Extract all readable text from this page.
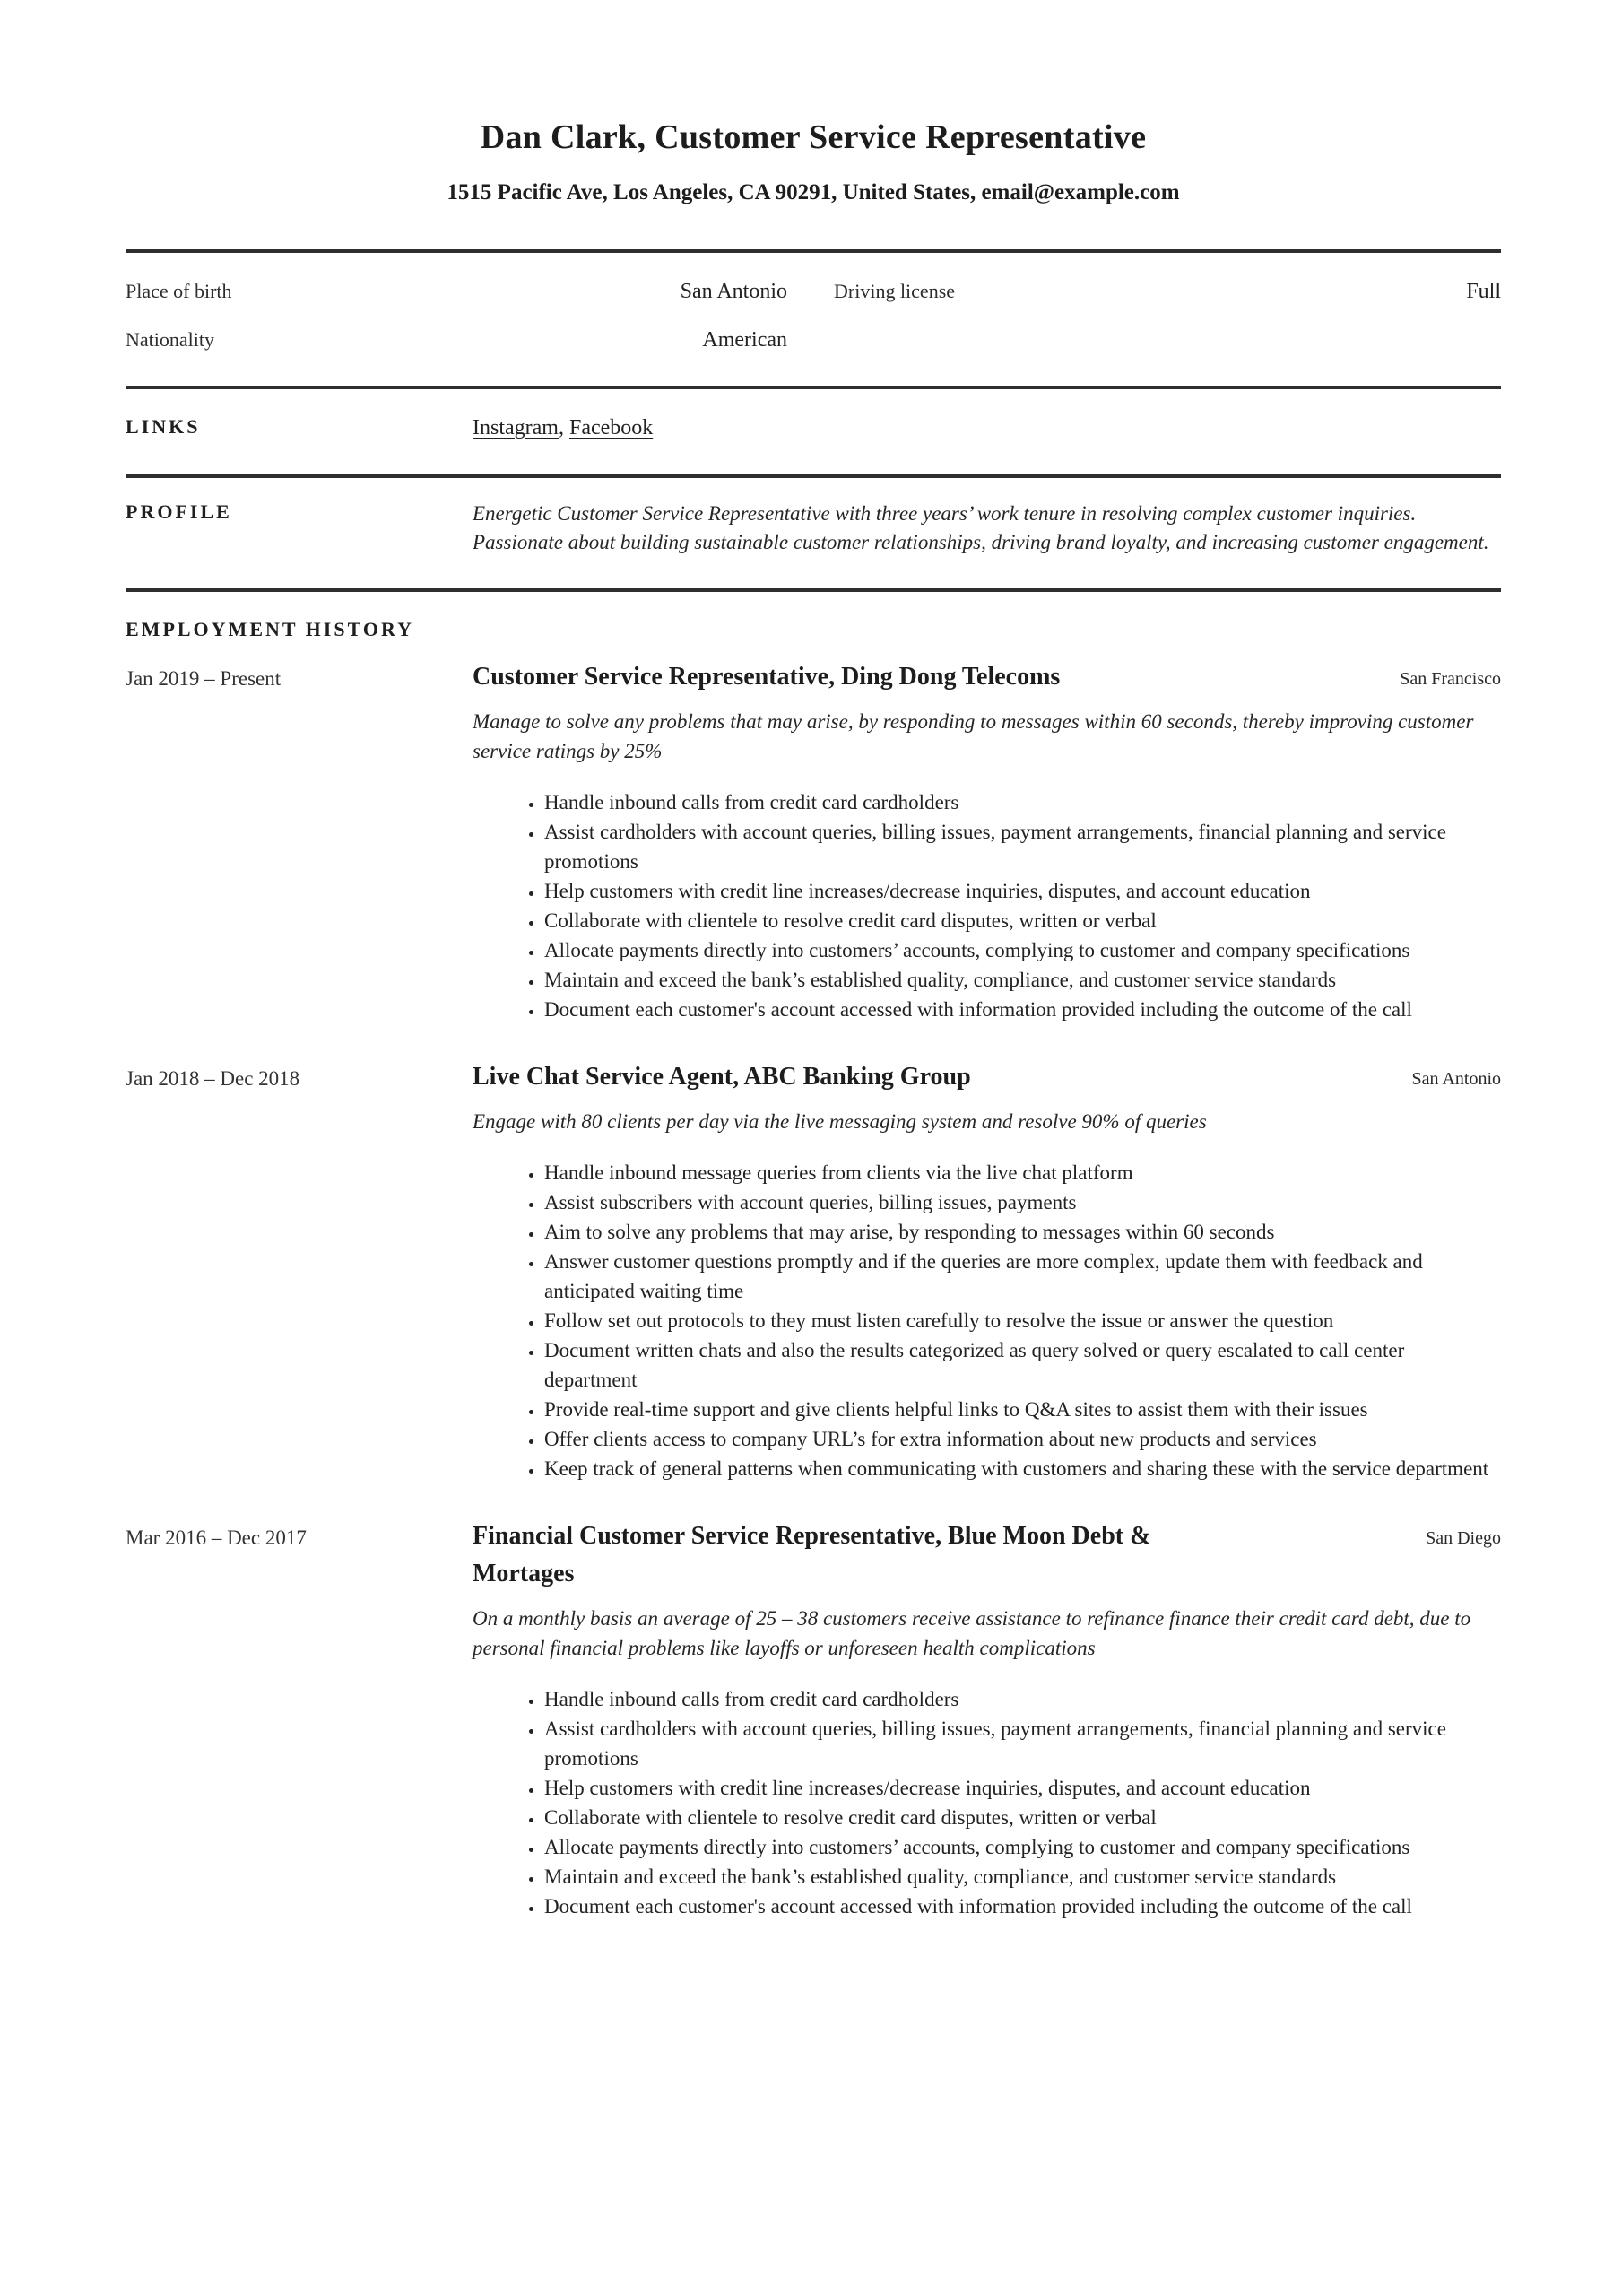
Dan Clark, Customer Service Representative
1515 Pacific Ave, Los Angeles, CA 90291, United States, email@example.com
Place of birth	San Antonio	Driving license	Full
Nationality	American
LINKS	Instagram, Facebook
PROFILE	Energetic Customer Service Representative with three years’ work tenure in resolving complex customer inquiries. Passionate about building sustainable customer relationships, driving brand loyalty, and increasing customer engagement.
EMPLOYMENT HISTORY
Jan 2019 – Present	Customer Service Representative, Ding Dong Telecoms	San Francisco
Manage to solve any problems that may arise, by responding to messages within 60 seconds, thereby improving customer service ratings by 25%
• Handle inbound calls from credit card cardholders
• Assist cardholders with account queries, billing issues, payment arrangements, financial planning and service promotions
• Help customers with credit line increases/decrease inquiries, disputes, and account education
• Collaborate with clientele to resolve credit card disputes, written or verbal
• Allocate payments directly into customers’ accounts, complying to customer and company specifications
• Maintain and exceed the bank’s established quality, compliance, and customer service standards
• Document each customer's account accessed with information provided including the outcome of the call
Jan 2018 – Dec 2018	Live Chat Service Agent, ABC Banking Group	San Antonio
Engage with 80 clients per day via the live messaging system and resolve 90% of queries
• Handle inbound message queries from clients via the live chat platform
• Assist subscribers with account queries, billing issues, payments
• Aim to solve any problems that may arise, by responding to messages within 60 seconds
• Answer customer questions promptly and if the queries are more complex, update them with feedback and anticipated waiting time
• Follow set out protocols to they must listen carefully to resolve the issue or answer the question
• Document written chats and also the results categorized as query solved or query escalated to call center department
• Provide real-time support and give clients helpful links to Q&A sites to assist them with their issues
• Offer clients access to company URL’s for extra information about new products and services
• Keep track of general patterns when communicating with customers and sharing these with the service department
Mar 2016 – Dec 2017	Financial Customer Service Representative, Blue Moon Debt & Mortages
San Diego
On a monthly basis an average of 25 – 38 customers receive assistance to refinance finance their credit card debt, due to personal financial problems like layoffs or unforeseen health complications
• Handle inbound calls from credit card cardholders
• Assist cardholders with account queries, billing issues, payment arrangements, financial planning and service promotions
• Help customers with credit line increases/decrease inquiries, disputes, and account education
• Collaborate with clientele to resolve credit card disputes, written or verbal
• Allocate payments directly into customers’ accounts, complying to customer and company specifications
• Maintain and exceed the bank’s established quality, compliance, and customer service standards
• Document each customer's account accessed with information provided including the outcome of the call
